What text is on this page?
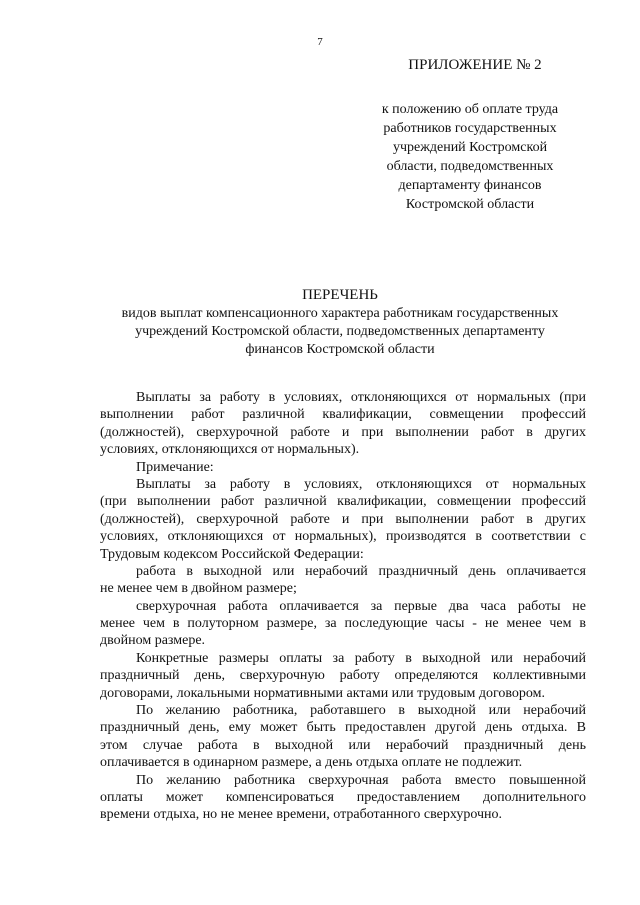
7
ПРИЛОЖЕНИЕ № 2
к положению об оплате труда
работников государственных
учреждений Костромской
области, подведомственных
департаменту финансов
Костромской области
ПЕРЕЧЕНЬ
видов выплат компенсационного характера работникам государственных
учреждений Костромской области, подведомственных департаменту
финансов Костромской области
Выплаты за работу в условиях, отклоняющихся от нормальных (при
выполнении работ различной квалификации, совмещении профессий
(должностей), сверхурочной работе и при выполнении работ в других
условиях, отклоняющихся от нормальных).
Примечание:
Выплаты за работу в условиях, отклоняющихся от нормальных
(при выполнении работ различной квалификации, совмещении профессий
(должностей), сверхурочной работе и при выполнении работ в других
условиях, отклоняющихся от нормальных), производятся в соответствии с
Трудовым кодексом Российской Федерации:
работа в выходной или нерабочий праздничный день оплачивается
не менее чем в двойном размере;
сверхурочная работа оплачивается за первые два часа работы не
менее чем в полуторном размере, за последующие часы - не менее чем в
двойном размере.
Конкретные размеры оплаты за работу в выходной или нерабочий
праздничный день, сверхурочную работу определяются коллективными
договорами, локальными нормативными актами или трудовым договором.
По желанию работника, работавшего в выходной или нерабочий
праздничный день, ему может быть предоставлен другой день отдыха. В
этом случае работа в выходной или нерабочий праздничный день
оплачивается в одинарном размере, а день отдыха оплате не подлежит.
По желанию работника сверхурочная работа вместо повышенной
оплаты может компенсироваться предоставлением дополнительного
времени отдыха, но не менее времени, отработанного сверхурочно.
